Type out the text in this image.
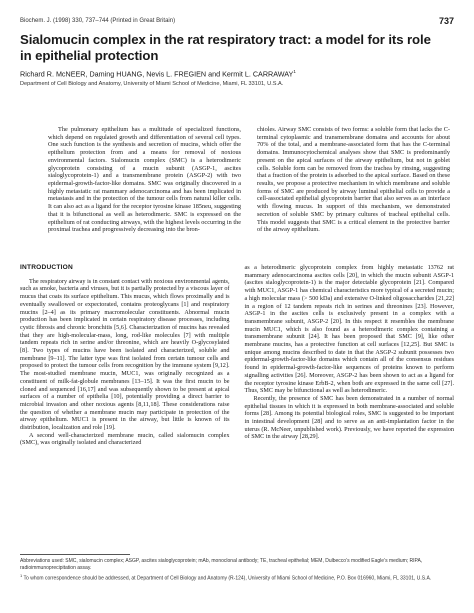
Biochem. J. (1998) 330, 737–744 (Printed in Great Britain)	737
Sialomucin complex in the rat respiratory tract: a model for its role in epithelial protection
Richard R. McNEER, Daming HUANG, Nevis L. FREGIEN and Kermit L. CARRAWAY$^1$
Department of Cell Biology and Anatomy, University of Miami School of Medicine, Miami, FL 33101, U.S.A.

The pulmonary epithelium has a multitude of specialized functions, which depend on regulated growth and differentiation of several cell types. One such function is the synthesis and secretion of mucins, which offer the epithelium protection from and a means for removal of noxious environmental factors. Sialomucin complex (SMC) is a heterodimeric glycoprotein consisting of a mucin subunit (ASGP-1, ascites sialoglycoprotein-1) and a transmembrane protein (ASGP-2) with two epidermal-growth-factor-like domains. SMC was originally discovered in a highly metastatic rat mammary adenocarcinoma and has been implicated in metastasis and in the protection of the tumour cells from natural killer cells. It can also act as a ligand for the receptor tyrosine kinase 185neu, suggesting that it is bifunctional as well as heterodimeric. SMC is expressed on the epithelium of rat conducting airways, with the highest levels occurring in the proximal trachea and progressively decreasing into the bron-

chioles. Airway SMC consists of two forms: a soluble form that lacks the C-terminal cytoplasmic and transmembrane domains and accounts for about 70% of the total, and a membrane-associated form that has the C-terminal domains. Immunocytochemical analyses show that SMC is predominantly present on the apical surfaces of the airway epithelium, but not in goblet cells. Soluble form can be removed from the trachea by rinsing, suggesting that a fraction of the protein is adsorbed to the apical surface. Based on these results, we propose a protective mechanism in which membrane and soluble forms of SMC are produced by airway luminal epithelial cells to provide a cell-associated epithelial glycoprotein barrier that also serves as an interface with flowing mucus. In support of this mechanism, we demonstrated secretion of soluble SMC by primary cultures of tracheal epithelial cells. This model suggests that SMC is a critical element in the protective barrier of the airway epithelium.

INTRODUCTION

The respiratory airway is in constant contact with noxious environmental agents, such as smoke, bacteria and viruses, but it is partially protected by a viscous layer of mucus that coats its surface epithelium. This mucus, which flows proximally and is eventually swallowed or expectorated, contains proteoglycans [1] and respiratory mucins [2–4] as its primary macromolecular constituents. Abnormal mucin production has been implicated in certain respiratory disease processes, including cystic fibrosis and chronic bronchitis [5,6]. Characterization of mucins has revealed that they are high-molecular-mass, long, rod-like molecules [7] with multiple tandem repeats rich in serine and/or threonine, which are heavily O-glycosylated [8]. Two types of mucins have been isolated and characterized, soluble and membrane [9–11]. The latter type was first isolated from certain tumour cells and proposed to protect the tumour cells from recognition by the immune system [9,12]. The most-studied membrane mucin, MUC1, was originally recognized as a constituent of milk-fat-globule membranes [13–15]. It was the first mucin to be cloned and sequenced [16,17] and was subsequently shown to be present at apical surfaces of a number of epithelia [10], potentially providing a direct barrier to microbial invasion and other noxious agents [8,11,18]. These considerations raise the question of whether a membrane mucin may participate in protection of the airway epithelium. MUC1 is present in the airway, but little is known of its distribution, localization and role [19].

A second well-characterized membrane mucin, called sialomucin complex (SMC), was originally isolated and characterized

as a heterodimeric glycoprotein complex from highly metastatic 13762 rat mammary adenocarcinoma ascites cells [20], in which the mucin subunit ASGP-1 (ascites sialoglycoprotein-1) is the major detectable glycoprotein [21]. Compared with MUC1, ASGP-1 has chemical characteristics more typical of a secreted mucin; a high molecular mass (> 500 kDa) and extensive O-linked oligosaccharides [21,22] in a region of 12 tandem repeats rich in serines and threonines [23]. However, ASGP-1 in the ascites cells is exclusively present in a complex with a transmembrane subunit, ASGP-2 [20]. In this respect it resembles the membrane mucin MUC1, which is also found as a heterodimeric complex containing a transmembrane subunit [24]. It has been proposed that SMC [9], like other membrane mucins, has a protective function at cell surfaces [12,25]. But SMC is unique among mucins described to date in that the ASGP-2 subunit possesses two epidermal-growth-factor-like domains which contain all of the consensus residues found in epidermal-growth-factor-like sequences of proteins known to perform signalling activities [26]. Moreover, ASGP-2 has been shown to act as a ligand for the receptor tyrosine kinase ErbB-2, when both are expressed in the same cell [27]. Thus, SMC may be bifunctional as well as heterodimeric.

Recently, the presence of SMC has been demonstrated in a number of normal epithelial tissues in which it is expressed in both membrane-associated and soluble forms [28]. Among its potential biological roles, SMC is suggested to be important in intestinal development [28] and to serve as an anti-implantation factor in the uterus (R. McNeer, unpublished work). Previously, we have reported the expression of SMC in the airway [28,29].

Abbreviations used: SMC, sialomucin complex; ASGP, ascites sialoglycoprotein; mAb, monoclonal antibody; TE, tracheal epithelial; MEM, Dulbecco’s modified Eagle’s medium; RIPA, radioimmunoprecipitation assay.

$^1$ To whom correspondence should be addressed, at Department of Cell Biology and Anatomy (R-124), University of Miami School of Medicine, P.O. Box 016960, Miami, FL 33101, U.S.A.
